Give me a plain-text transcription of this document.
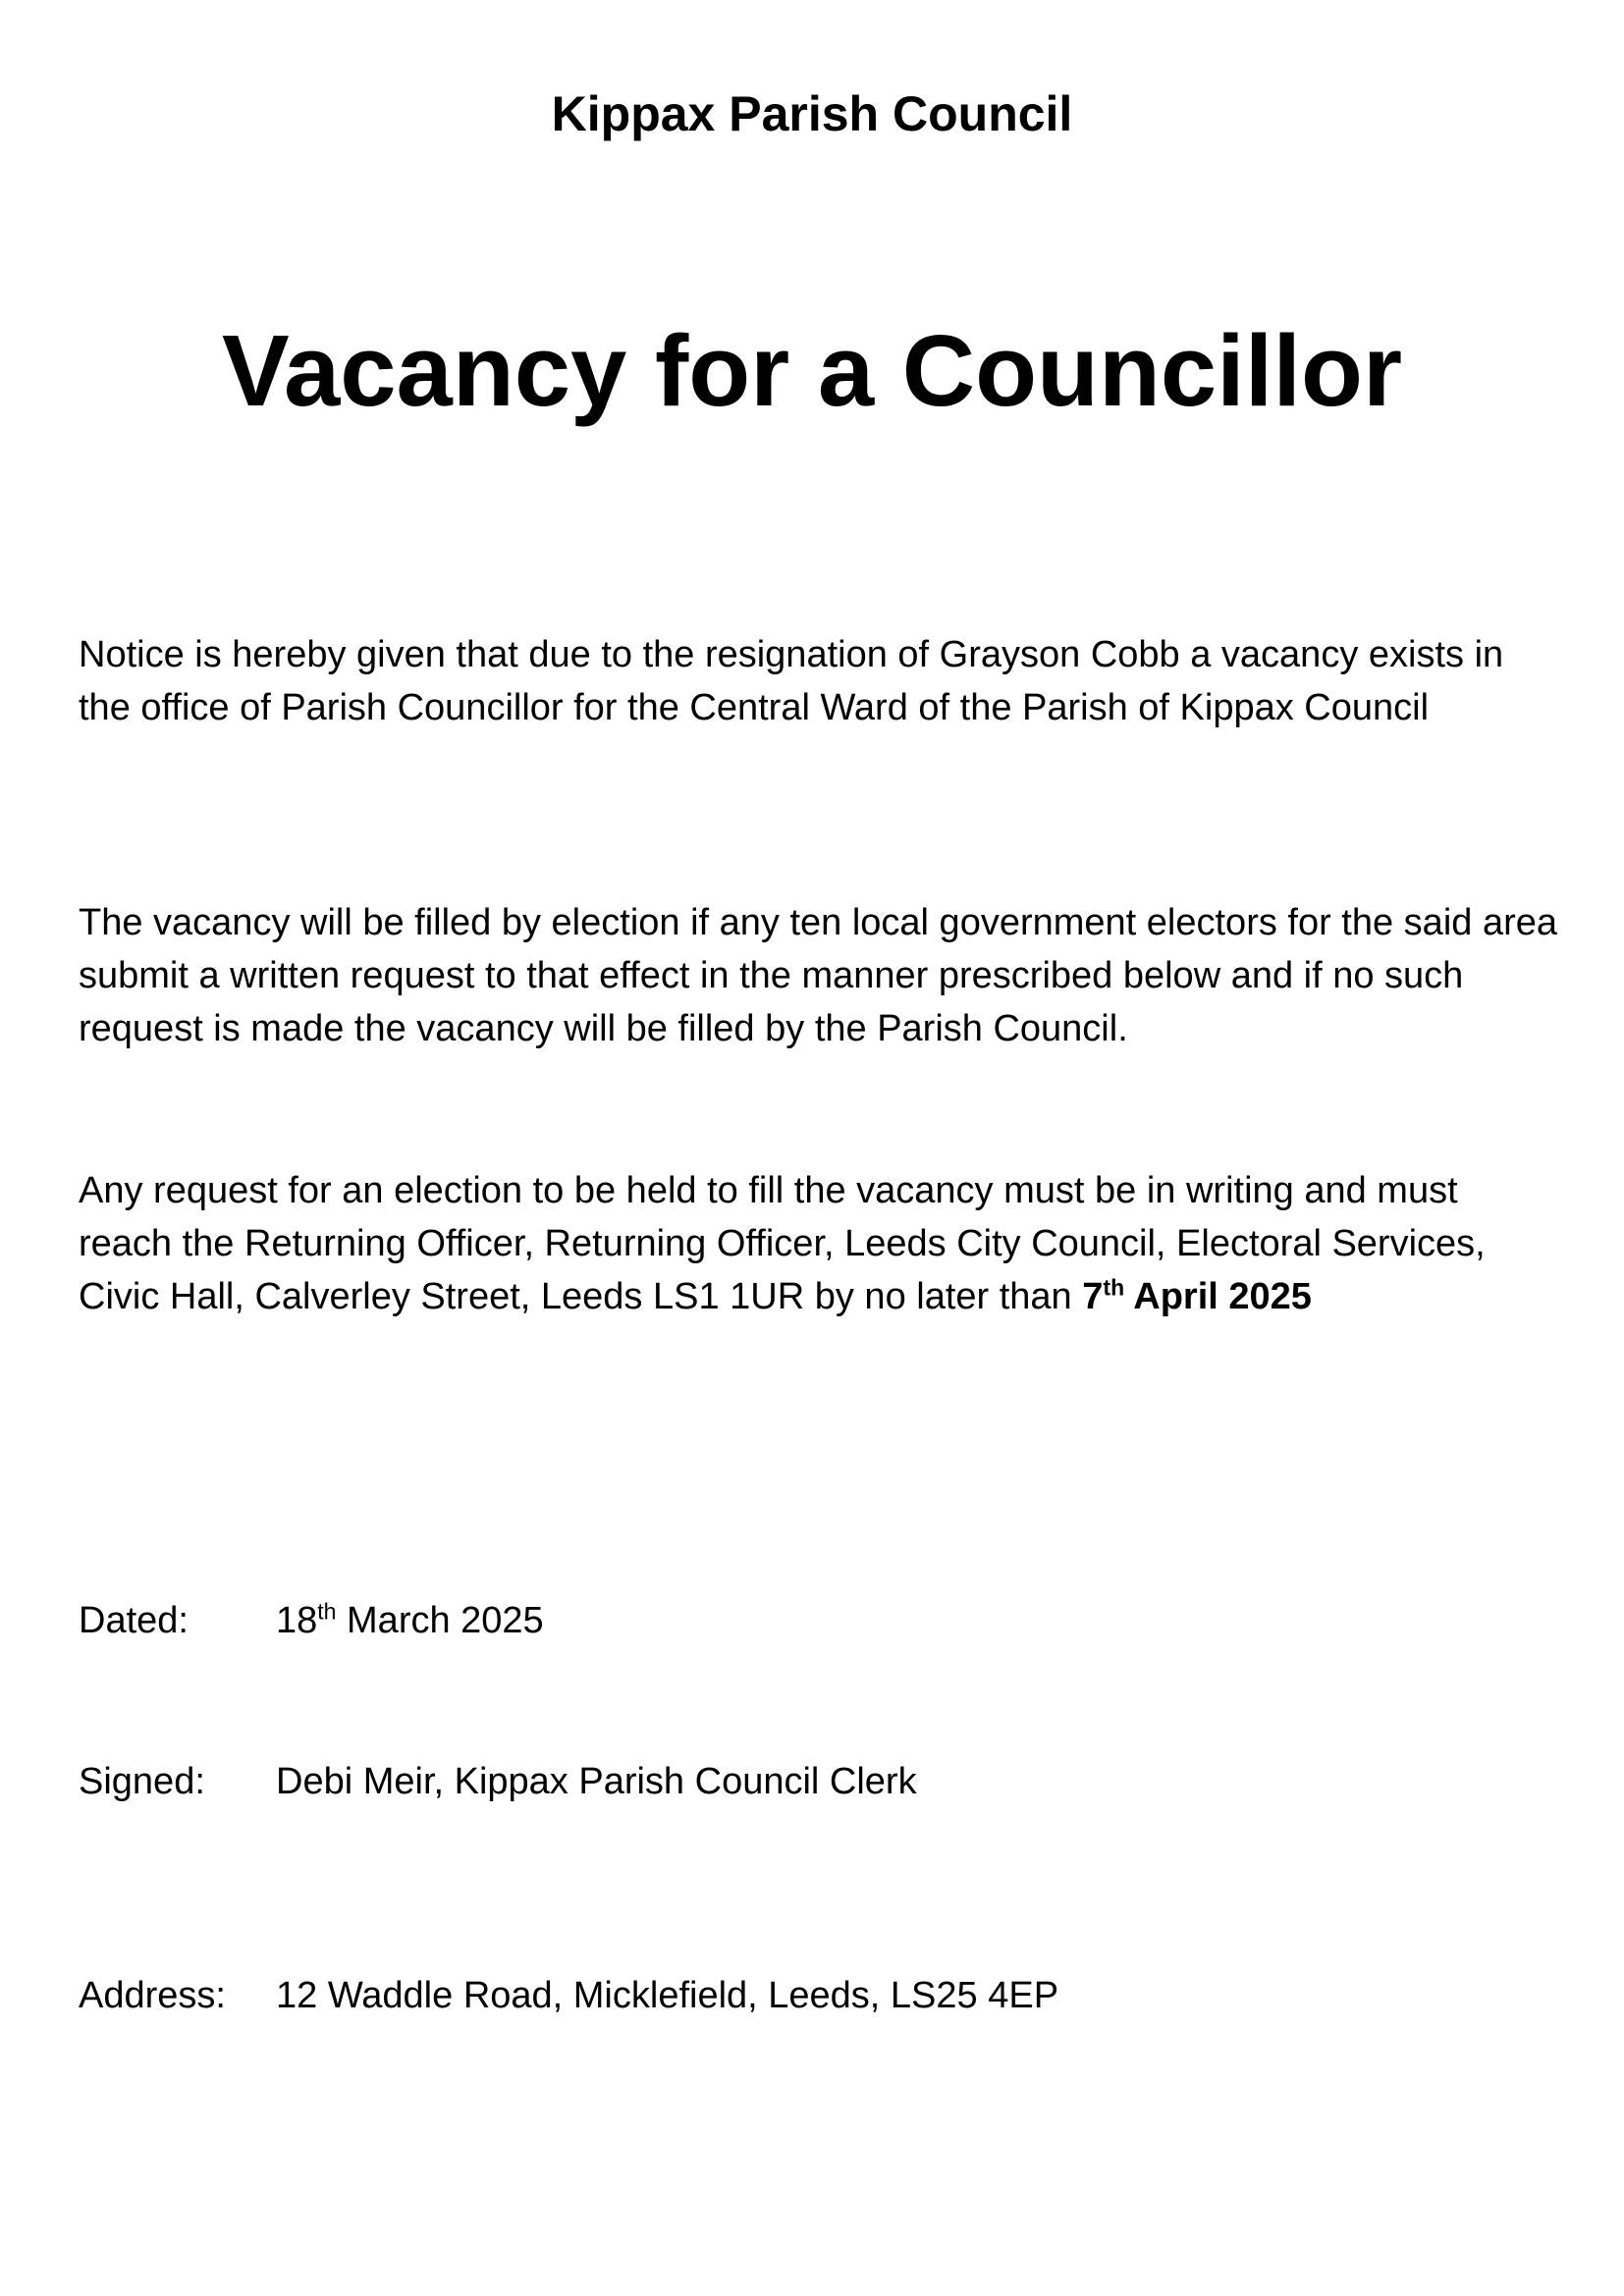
Kippax Parish Council
Vacancy for a Councillor

Notice is hereby given that due to the resignation of Grayson Cobb a vacancy exists in the office of Parish Councillor for the Central Ward of the Parish of Kippax Council

The vacancy will be filled by election if any ten local government electors for the said area submit a written request to that effect in the manner prescribed below and if no such request is made the vacancy will be filled by the Parish Council.

Any request for an election to be held to fill the vacancy must be in writing and must reach the Returning Officer, Returning Officer, Leeds City Council, Electoral Services, Civic Hall, Calverley Street, Leeds LS1 1UR by no later than 7th April 2025

Dated: 18th March 2025
Signed: Debi Meir, Kippax Parish Council Clerk
Address: 12 Waddle Road, Micklefield, Leeds, LS25 4EP
